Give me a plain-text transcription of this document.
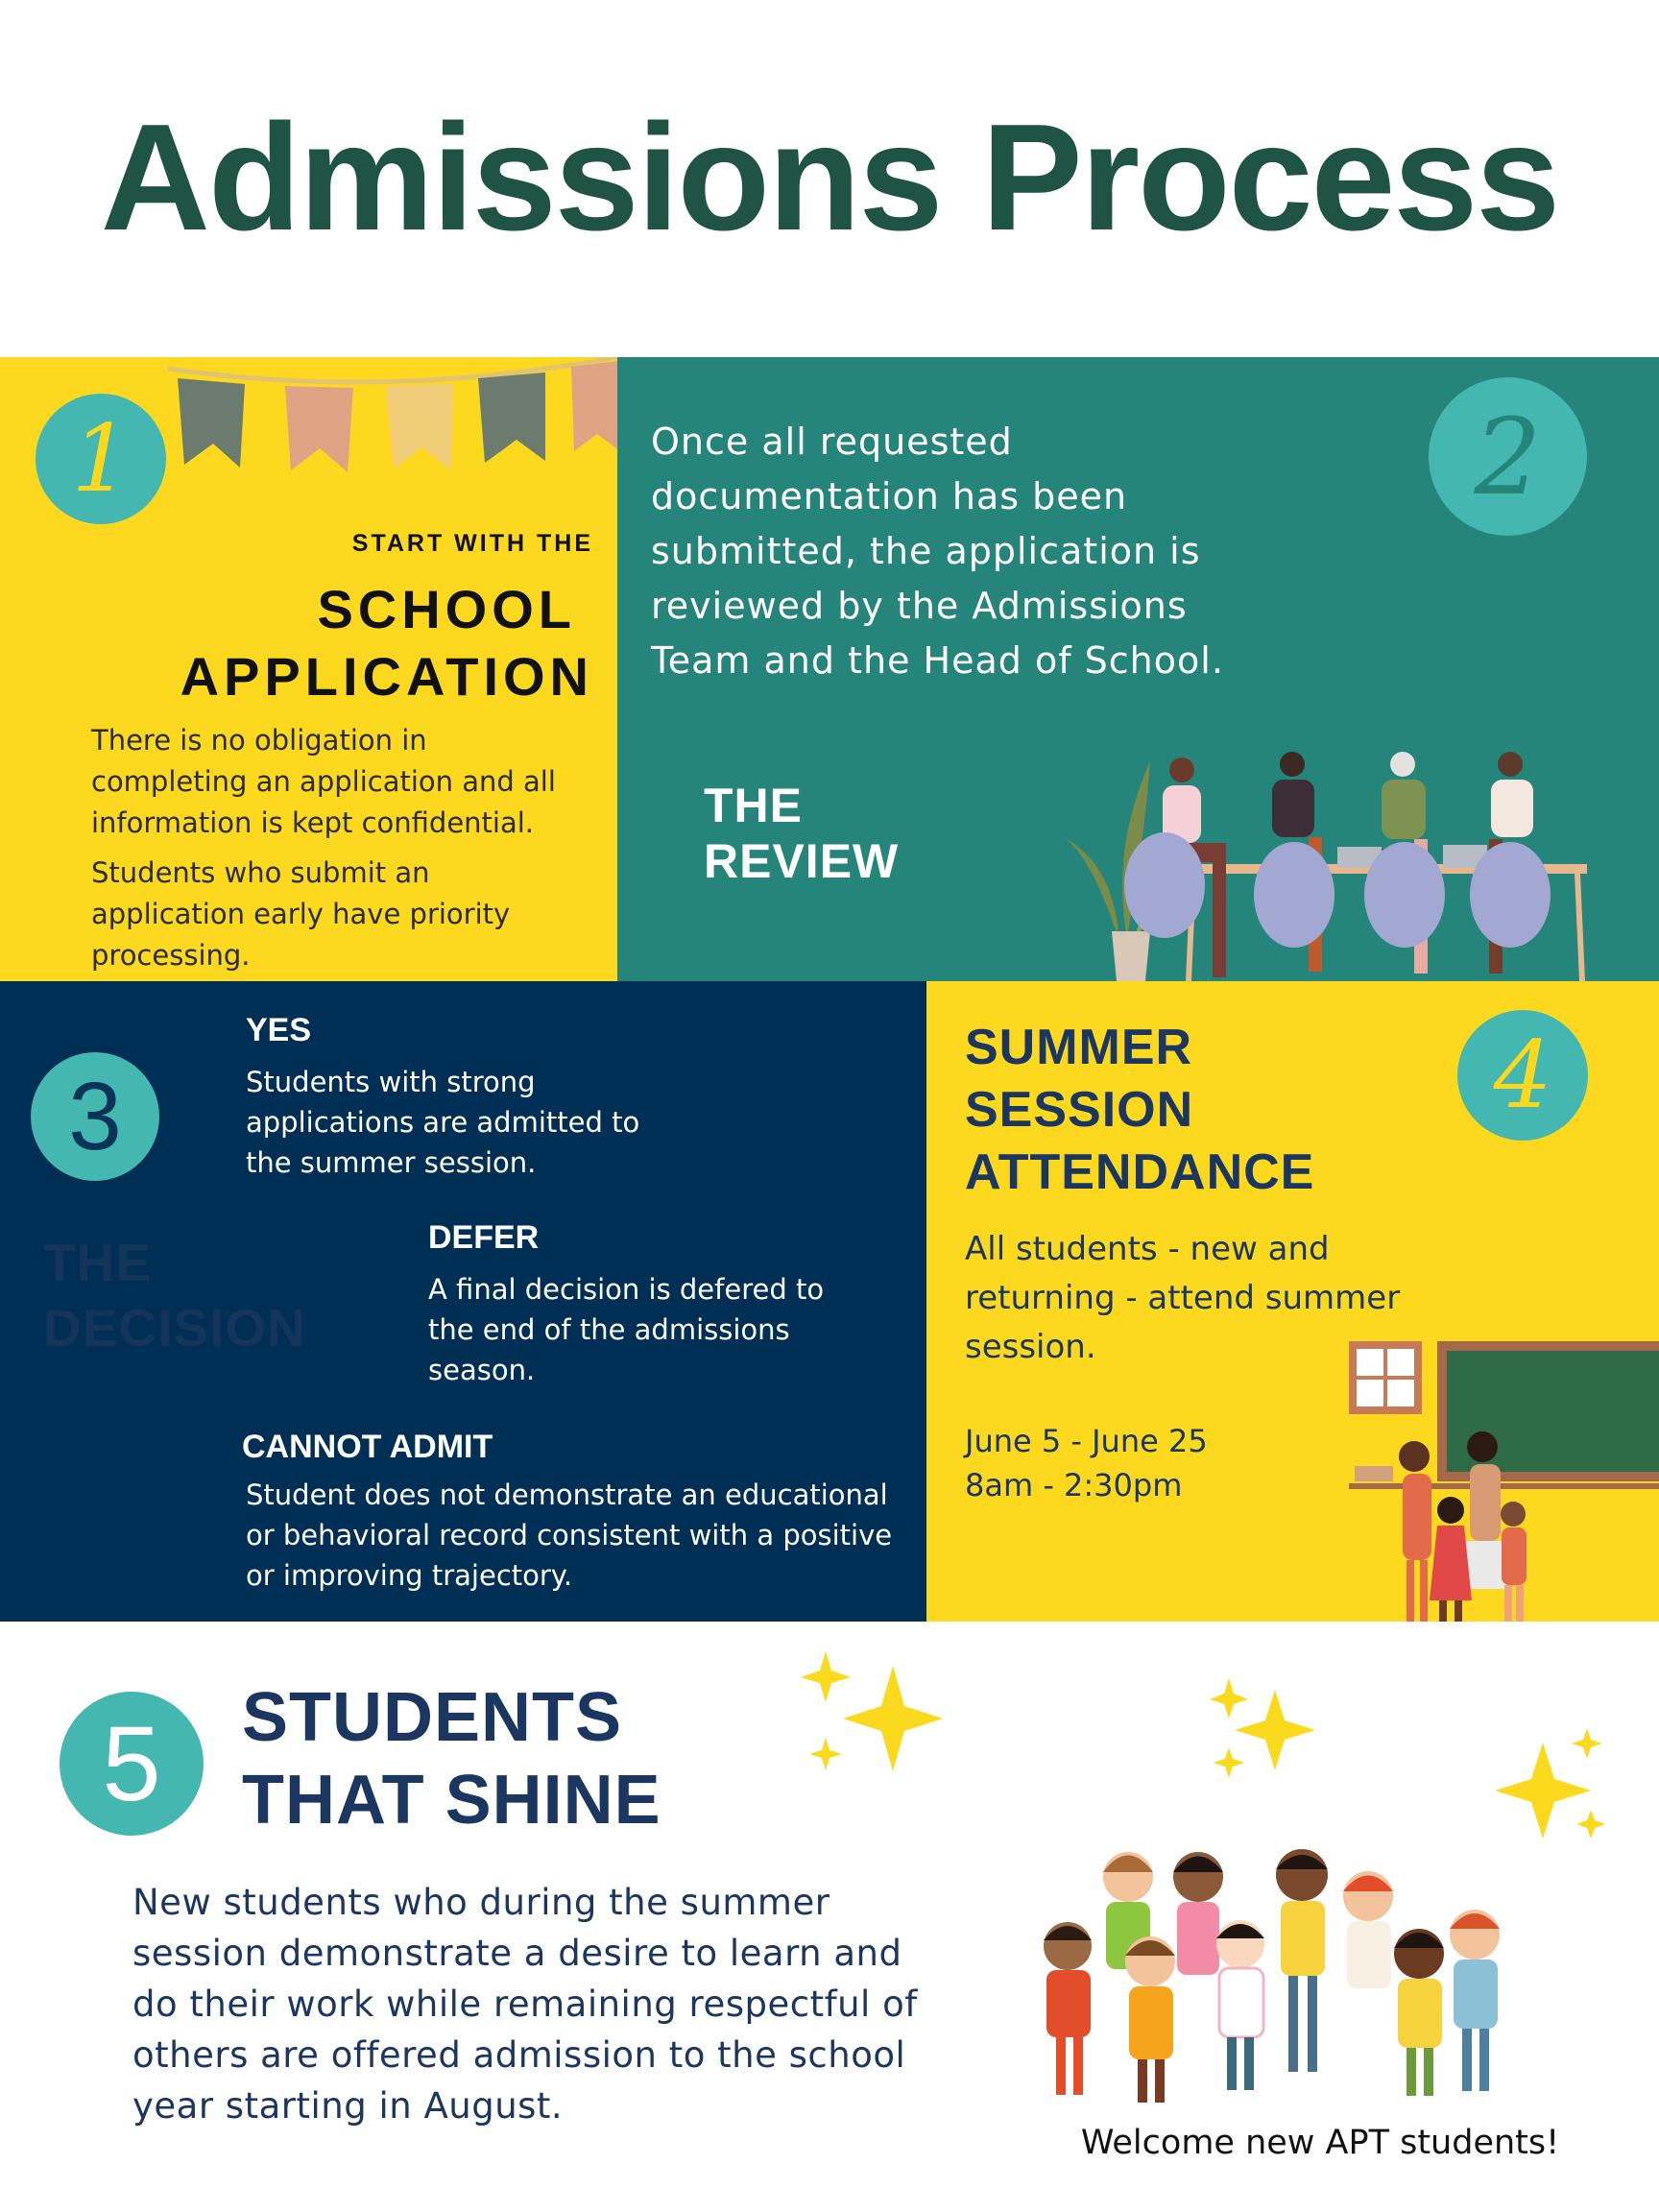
Admissions Process
1
START WITH THE
SCHOOL
APPLICATION
There is no obligation in completing an application and all information is kept confidential.
Students who submit an application early have priority processing.
2
Once all requested documentation has been submitted, the application is reviewed by the Admissions Team and the Head of School.
THE
REVIEW
3
THE
DECISION
YES
Students with strong applications are admitted to the summer session.
DEFER
A final decision is defered to the end of the admissions season.
CANNOT ADMIT
Student does not demonstrate an educational or behavioral record consistent with a positive or improving trajectory.
SUMMER
SESSION
ATTENDANCE
4
All students - new and returning - attend summer session.
June 5 - June 25
8am - 2:30pm
5	STUDENTS
THAT SHINE
New students who during the summer session demonstrate a desire to learn and do their work while remaining respectful of others are offered admission to the school year starting in August.
Welcome new APT students!
